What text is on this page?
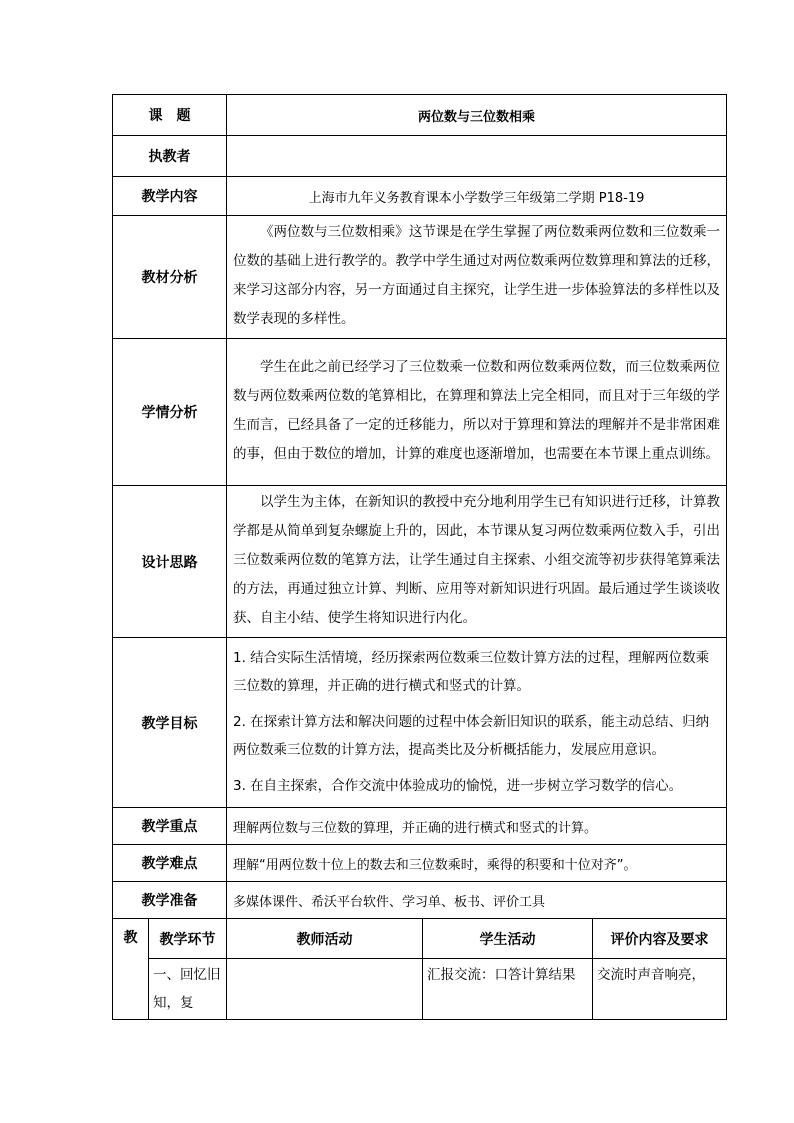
课　题		两位数与三位数相乘		
执教者				
教学内容		上海市九年义务教育课本小学数学三年级第二学期 P18-19		
教材分析		《两位数与三位数相乘》这节课是在学生掌握了两位数乘两位数和三位数乘一位数的基础上进行教学的。教学中学生通过对两位数乘两位数算理和算法的迁移，来学习这部分内容，另一方面通过自主探究，让学生进一步体验算法的多样性以及数学表现的多样性。		

学情分析		学生在此之前已经学习了三位数乘一位数和两位数乘两位数，而三位数乘两位数与两位数乘两位数的笔算相比，在算理和算法上完全相同，而且对于三年级的学生而言，已经具备了一定的迁移能力，所以对于算理和算法的理解并不是非常困难的事，但由于数位的增加，计算的难度也逐渐增加，也需要在本节课上重点训练。		

设计思路		以学生为主体，在新知识的教授中充分地利用学生已有知识进行迁移，计算教学都是从简单到复杂螺旋上升的，因此，本节课从复习两位数乘两位数入手，引出三位数乘两位数的笔算方法，让学生通过自主探索、小组交流等初步获得笔算乘法的方法，再通过独立计算、判断、应用等对新知识进行巩固。最后通过学生谈谈收获、自主小结、使学生将知识进行内化。		

教学目标		1. 结合实际生活情境，经历探索两位数乘三位数计算方法的过程，理解两位数乘三位数的算理，并正确的进行横式和竖式的计算。

2. 在探索计算方法和解决问题的过程中体会新旧知识的联系，能主动总结、归纳两位数乘三位数的计算方法，提高类比及分析概括能力，发展应用意识。

3. 在自主探索，合作交流中体验成功的愉悦，进一步树立学习数学的信心。		

教学重点		理解两位数与三位数的算理，并正确的进行横式和竖式的计算。		
教学难点		理解“用两位数十位上的数去和三位数乘时，乘得的积要和十位对齐”。		
教学准备		多媒体课件、希沃平台软件、学习单、板书、评价工具		
教	教学环节	教师活动	学生活动	评价内容及要求
	一、回忆旧知，复		汇报交流：口答计算结果	交流时声音响亮，
